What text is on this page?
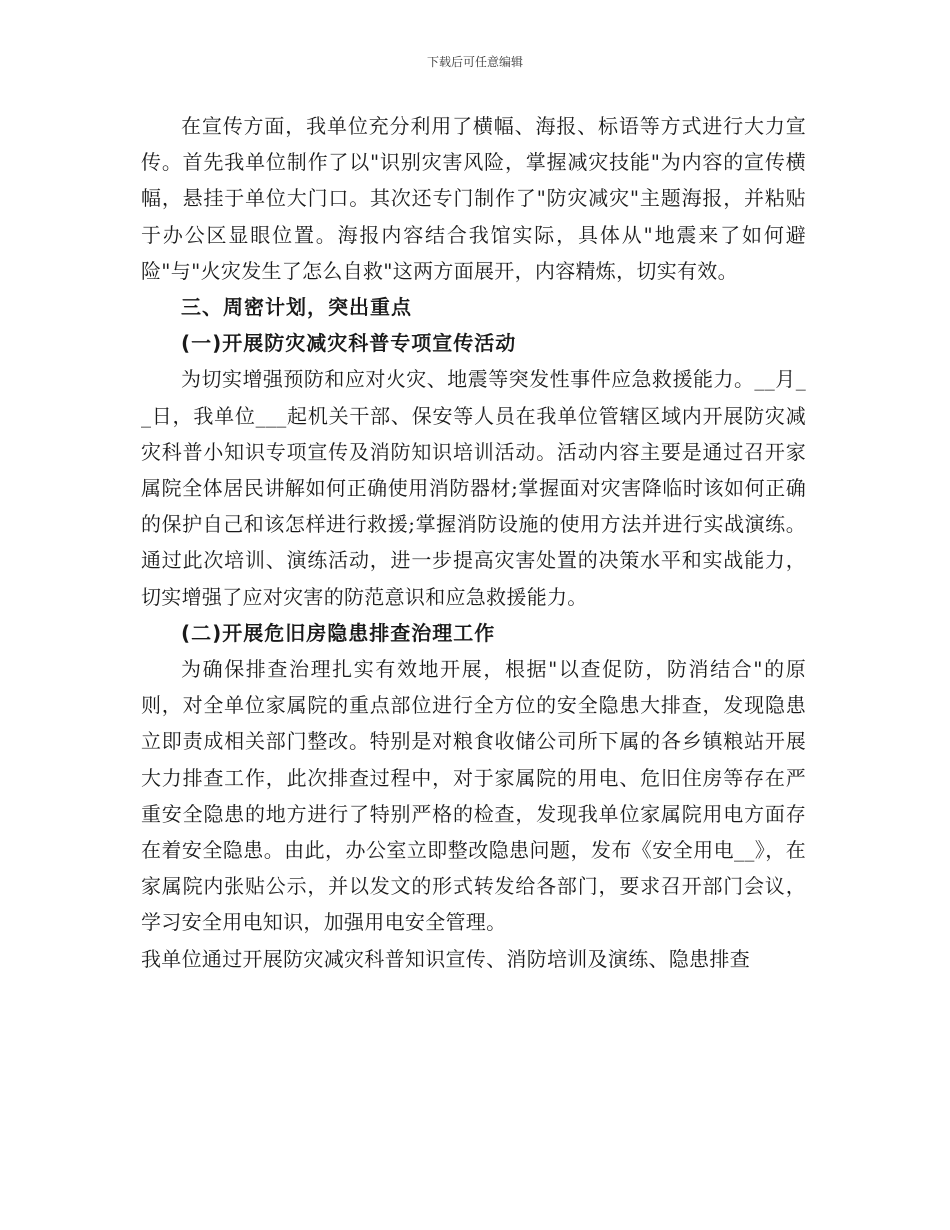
下载后可任意编辑

在宣传方面，我单位充分利用了横幅、海报、标语等方式进行大力宣传。首先我单位制作了以"识别灾害风险，掌握减灾技能"为内容的宣传横幅，悬挂于单位大门口。其次还专门制作了"防灾减灾"主题海报，并粘贴于办公区显眼位置。海报内容结合我馆实际，具体从"地震来了如何避险"与"火灾发生了怎么自救"这两方面展开，内容精炼，切实有效。

三、周密计划，突出重点

(一)开展防灾减灾科普专项宣传活动

为切实增强预防和应对火灾、地震等突发性事件应急救援能力。__月__日，我单位___起机关干部、保安等人员在我单位管辖区域内开展防灾减灾科普小知识专项宣传及消防知识培训活动。活动内容主要是通过召开家属院全体居民讲解如何正确使用消防器材;掌握面对灾害降临时该如何正确的保护自己和该怎样进行救援;掌握消防设施的使用方法并进行实战演练。通过此次培训、演练活动，进一步提高灾害处置的决策水平和实战能力，切实增强了应对灾害的防范意识和应急救援能力。

(二)开展危旧房隐患排查治理工作

为确保排查治理扎实有效地开展，根据"以查促防，防消结合"的原则，对全单位家属院的重点部位进行全方位的安全隐患大排查，发现隐患立即责成相关部门整改。特别是对粮食收储公司所下属的各乡镇粮站开展大力排查工作，此次排查过程中，对于家属院的用电、危旧住房等存在严重安全隐患的地方进行了特别严格的检查，发现我单位家属院用电方面存在着安全隐患。由此，办公室立即整改隐患问题，发布《安全用电__》，在家属院内张贴公示，并以发文的形式转发给各部门，要求召开部门会议，学习安全用电知识，加强用电安全管理。

我单位通过开展防灾减灾科普知识宣传、消防培训及演练、隐患排查
